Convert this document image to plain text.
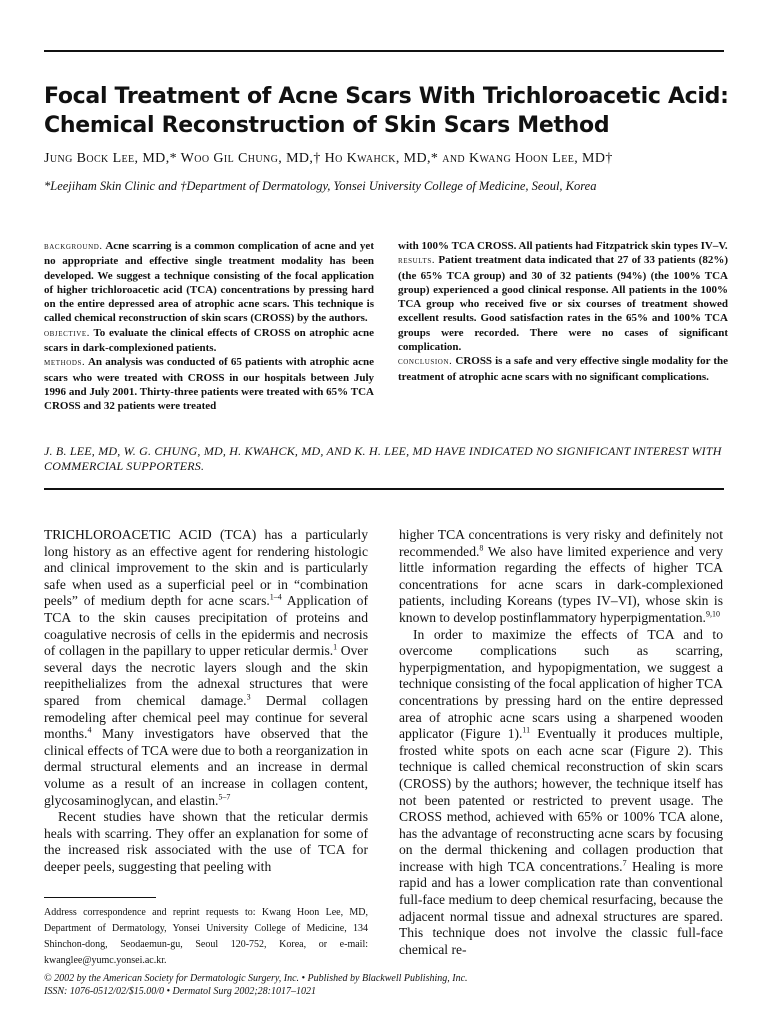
Focal Treatment of Acne Scars With Trichloroacetic Acid:
Chemical Reconstruction of Skin Scars Method

Jung Bock Lee, MD,* Woo Gil Chung, MD,† Ho Kwahck, MD,* and Kwang Hoon Lee, MD†

*Leejiham Skin Clinic and †Department of Dermatology, Yonsei University College of Medicine, Seoul, Korea

background. Acne scarring is a common complication of acne and yet no appropriate and effective single treatment modality has been developed. We suggest a technique consisting of the focal application of higher trichloroacetic acid (TCA) concentrations by pressing hard on the entire depressed area of atrophic acne scars. This technique is called chemical reconstruction of skin scars (CROSS) by the authors.

objective. To evaluate the clinical effects of CROSS on atrophic acne scars in dark-complexioned patients.

methods. An analysis was conducted of 65 patients with atrophic acne scars who were treated with CROSS in our hospitals between July 1996 and July 2001. Thirty-three patients were treated with 65% TCA CROSS and 32 patients were treated

with 100% TCA CROSS. All patients had Fitzpatrick skin types IV–V.

results. Patient treatment data indicated that 27 of 33 patients (82%) (the 65% TCA group) and 30 of 32 patients (94%) (the 100% TCA group) experienced a good clinical response. All patients in the 100% TCA group who received five or six courses of treatment showed excellent results. Good satisfaction rates in the 65% and 100% TCA groups were recorded. There were no cases of significant complication.

conclusion. CROSS is a safe and very effective single modality for the treatment of atrophic acne scars with no significant complications.

J. B. LEE, MD, W. G. CHUNG, MD, H. KWAHCK, MD, AND K. H. LEE, MD HAVE INDICATED NO SIGNIFICANT INTEREST WITH COMMERCIAL SUPPORTERS.

TRICHLOROACETIC ACID (TCA) has a particularly long history as an effective agent for rendering histologic and clinical improvement to the skin and is particularly safe when used as a superficial peel or in “combination peels” of medium depth for acne scars.$^{1-4}$ Application of TCA to the skin causes precipitation of proteins and coagulative necrosis of cells in the epidermis and necrosis of collagen in the papillary to upper reticular dermis.$^1$ Over several days the necrotic layers slough and the skin reepithelializes from the adnexal structures that were spared from chemical damage.$^3$ Dermal collagen remodeling after chemical peel may continue for several months.$^4$ Many investigators have observed that the clinical effects of TCA were due to both a reorganization in dermal structural elements and an increase in dermal volume as a result of an increase in collagen content, glycosaminoglycan, and elastin.$^{5-7}$

Recent studies have shown that the reticular dermis heals with scarring. They offer an explanation for some of the increased risk associated with the use of TCA for deeper peels, suggesting that peeling with

higher TCA concentrations is very risky and definitely not recommended.$^8$ We also have limited experience and very little information regarding the effects of higher TCA concentrations for acne scars in dark-complexioned patients, including Koreans (types IV–VI), whose skin is known to develop postinflammatory hyperpigmentation.$^{9,10}$

In order to maximize the effects of TCA and to overcome complications such as scarring, hyperpigmentation, and hypopigmentation, we suggest a technique consisting of the focal application of higher TCA concentrations by pressing hard on the entire depressed area of atrophic acne scars using a sharpened wooden applicator (Figure 1).$^{11}$ Eventually it produces multiple, frosted white spots on each acne scar (Figure 2). This technique is called chemical reconstruction of skin scars (CROSS) by the authors; however, the technique itself has not been patented or restricted to prevent usage. The CROSS method, achieved with 65% or 100% TCA alone, has the advantage of reconstructing acne scars by focusing on the dermal thickening and collagen production that increase with high TCA concentrations.$^7$ Healing is more rapid and has a lower complication rate than conventional full-face medium to deep chemical resurfacing, because the adjacent normal tissue and adnexal structures are spared. This technique does not involve the classic full-face chemical re-

Address correspondence and reprint requests to: Kwang Hoon Lee, MD, Department of Dermatology, Yonsei University College of Medicine, 134 Shinchon-dong, Seodaemun-gu, Seoul 120-752, Korea, or e-mail: kwanglee@yumc.yonsei.ac.kr.

© 2002 by the American Society for Dermatologic Surgery, Inc. • Published by Blackwell Publishing, Inc.
ISSN: 1076-0512/02/$15.00/0 • Dermatol Surg 2002;28:1017–1021
